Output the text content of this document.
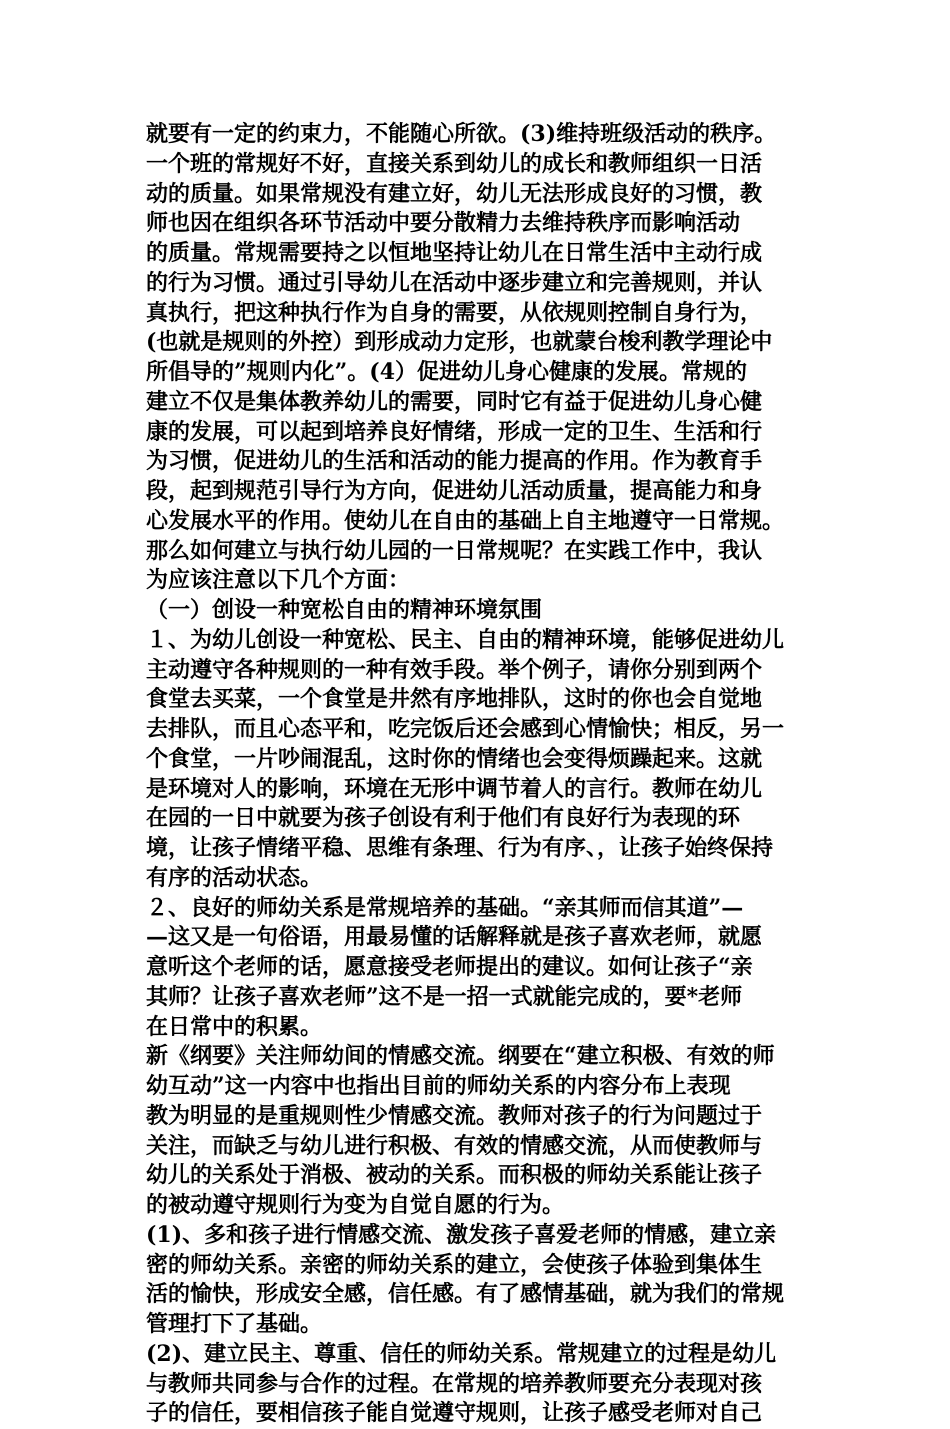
就要有一定的约束力，不能随心所欲。(3)维持班级活动的秩序。
一个班的常规好不好，直接关系到幼儿的成长和教师组织一日活
动的质量。如果常规没有建立好，幼儿无法形成良好的习惯，教
师也因在组织各环节活动中要分散精力去维持秩序而影响活动
的质量。常规需要持之以恒地坚持让幼儿在日常生活中主动行成
的行为习惯。通过引导幼儿在活动中逐步建立和完善规则，并认
真执行，把这种执行作为自身的需要，从依规则控制自身行为，
(也就是规则的外控）到形成动力定形，也就蒙台梭利教学理论中
所倡导的”规则内化”。(4）促进幼儿身心健康的发展。常规的
建立不仅是集体教养幼儿的需要，同时它有益于促进幼儿身心健
康的发展，可以起到培养良好情绪，形成一定的卫生、生活和行
为习惯，促进幼儿的生活和活动的能力提高的作用。作为教育手
段，起到规范引导行为方向，促进幼儿活动质量，提高能力和身
心发展水平的作用。使幼儿在自由的基础上自主地遵守一日常规。
那么如何建立与执行幼儿园的一日常规呢？在实践工作中，我认
为应该注意以下几个方面：
（一）创设一种宽松自由的精神环境氛围
１、为幼儿创设一种宽松、民主、自由的精神环境，能够促进幼儿
主动遵守各种规则的一种有效手段。举个例子，请你分别到两个
食堂去买菜，一个食堂是井然有序地排队，这时的你也会自觉地
去排队，而且心态平和，吃完饭后还会感到心情愉快；相反，另一
个食堂，一片吵闹混乱，这时你的情绪也会变得烦躁起来。这就
是环境对人的影响，环境在无形中调节着人的言行。教师在幼儿
在园的一日中就要为孩子创设有利于他们有良好行为表现的环
境，让孩子情绪平稳、思维有条理、行为有序、，让孩子始终保持
有序的活动状态。
２、良好的师幼关系是常规培养的基础。“亲其师而信其道”—
—这又是一句俗语，用最易懂的话解释就是孩子喜欢老师，就愿
意听这个老师的话，愿意接受老师提出的建议。如何让孩子“亲
其师？让孩子喜欢老师”这不是一招一式就能完成的，要*老师
在日常中的积累。
新《纲要》关注师幼间的情感交流。纲要在“建立积极、有效的师
幼互动”这一内容中也指出目前的师幼关系的内容分布上表现
教为明显的是重规则性少情感交流。教师对孩子的行为问题过于
关注，而缺乏与幼儿进行积极、有效的情感交流，从而使教师与
幼儿的关系处于消极、被动的关系。而积极的师幼关系能让孩子
的被动遵守规则行为变为自觉自愿的行为。
(1)、多和孩子进行情感交流、激发孩子喜爱老师的情感，建立亲
密的师幼关系。亲密的师幼关系的建立，会使孩子体验到集体生
活的愉快，形成安全感，信任感。有了感情基础，就为我们的常规
管理打下了基础。
(2)、建立民主、尊重、信任的师幼关系。常规建立的过程是幼儿
与教师共同参与合作的过程。在常规的培养教师要充分表现对孩
子的信任，要相信孩子能自觉遵守规则，让孩子感受老师对自己
